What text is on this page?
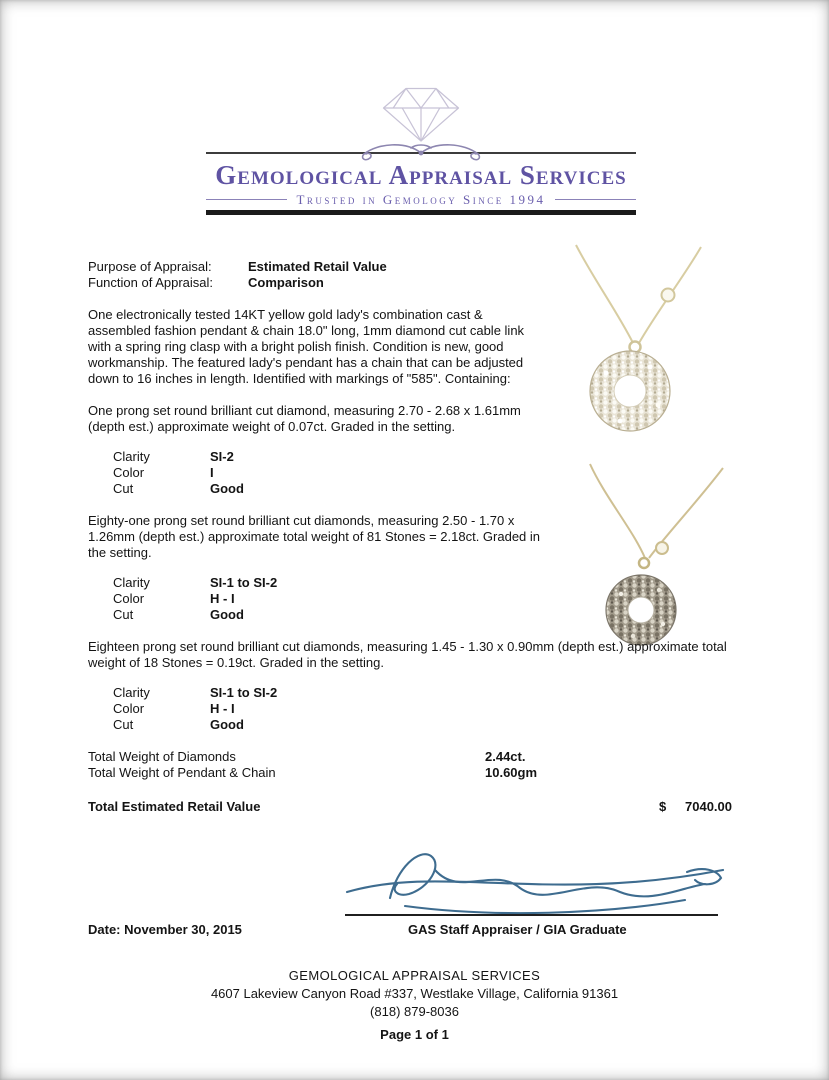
Gemological Appraisal Services
Trusted in Gemology Since 1994
Purpose of Appraisal:	Estimated Retail Value
Function of Appraisal:	Comparison

One electronically tested 14KT yellow gold lady's combination cast & assembled fashion pendant & chain 18.0" long, 1mm diamond cut cable link with a spring ring clasp with a bright polish finish. Condition is new, good workmanship. The featured lady's pendant has a chain that can be adjusted down to 16 inches in length. Identified with markings of "585". Containing:

One prong set round brilliant cut diamond, measuring 2.70 - 2.68 x 1.61mm (depth est.) approximate weight of 0.07ct. Graded in the setting.

Clarity	SI-2
Color	I
Cut	Good

Eighty-one prong set round brilliant cut diamonds, measuring 2.50 - 1.70 x 1.26mm (depth est.) approximate total weight of 81 Stones = 2.18ct. Graded in the setting.

Clarity	SI-1 to SI-2
Color	H - I
Cut	Good

Eighteen prong set round brilliant cut diamonds, measuring 1.45 - 1.30 x 0.90mm (depth est.) approximate total weight of 18 Stones = 0.19ct. Graded in the setting.

Clarity	SI-1 to SI-2
Color	H - I
Cut	Good
Total Weight of Diamonds	2.44ct.
Total Weight of Pendant & Chain	10.60gm
Total Estimated Retail Value	$ 7040.00
Date: November 30, 2015	GAS Staff Appraiser / GIA Graduate
GEMOLOGICAL APPRAISAL SERVICES
4607 Lakeview Canyon Road #337, Westlake Village, California 91361
(818) 879-8036
Page 1 of 1
